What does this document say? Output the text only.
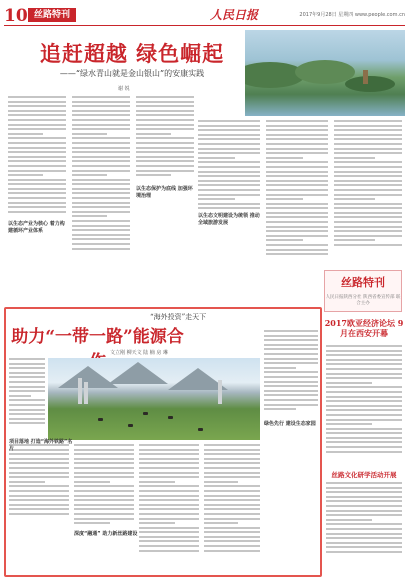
10 丝路特刊	人民日报	2017年9月28日 星期四 www.people.com.cn
追赶超越 绿色崛起
——“绿水青山就是金山银山”的安康实践
谢 锐
以生态产业为核心 着力构建循环产业体系
以生态保护为底线 加强环境治理
以生态文明建设为统领 推动全域旅游发展
丝路特刊
人民日报陕西分社 陕西省委宣传部 联合主办
“海外投资”走天下
助力“一带一路”能源合
文立刚 柳天文 陆 楠 房 琳
项目落地 打造“海外铁路”名片
绿色先行 建设生态家园
深度“融通” 助力新丝路建设
2017欧亚经济论坛 9月在西安开幕
丝路文化研学活动开展
